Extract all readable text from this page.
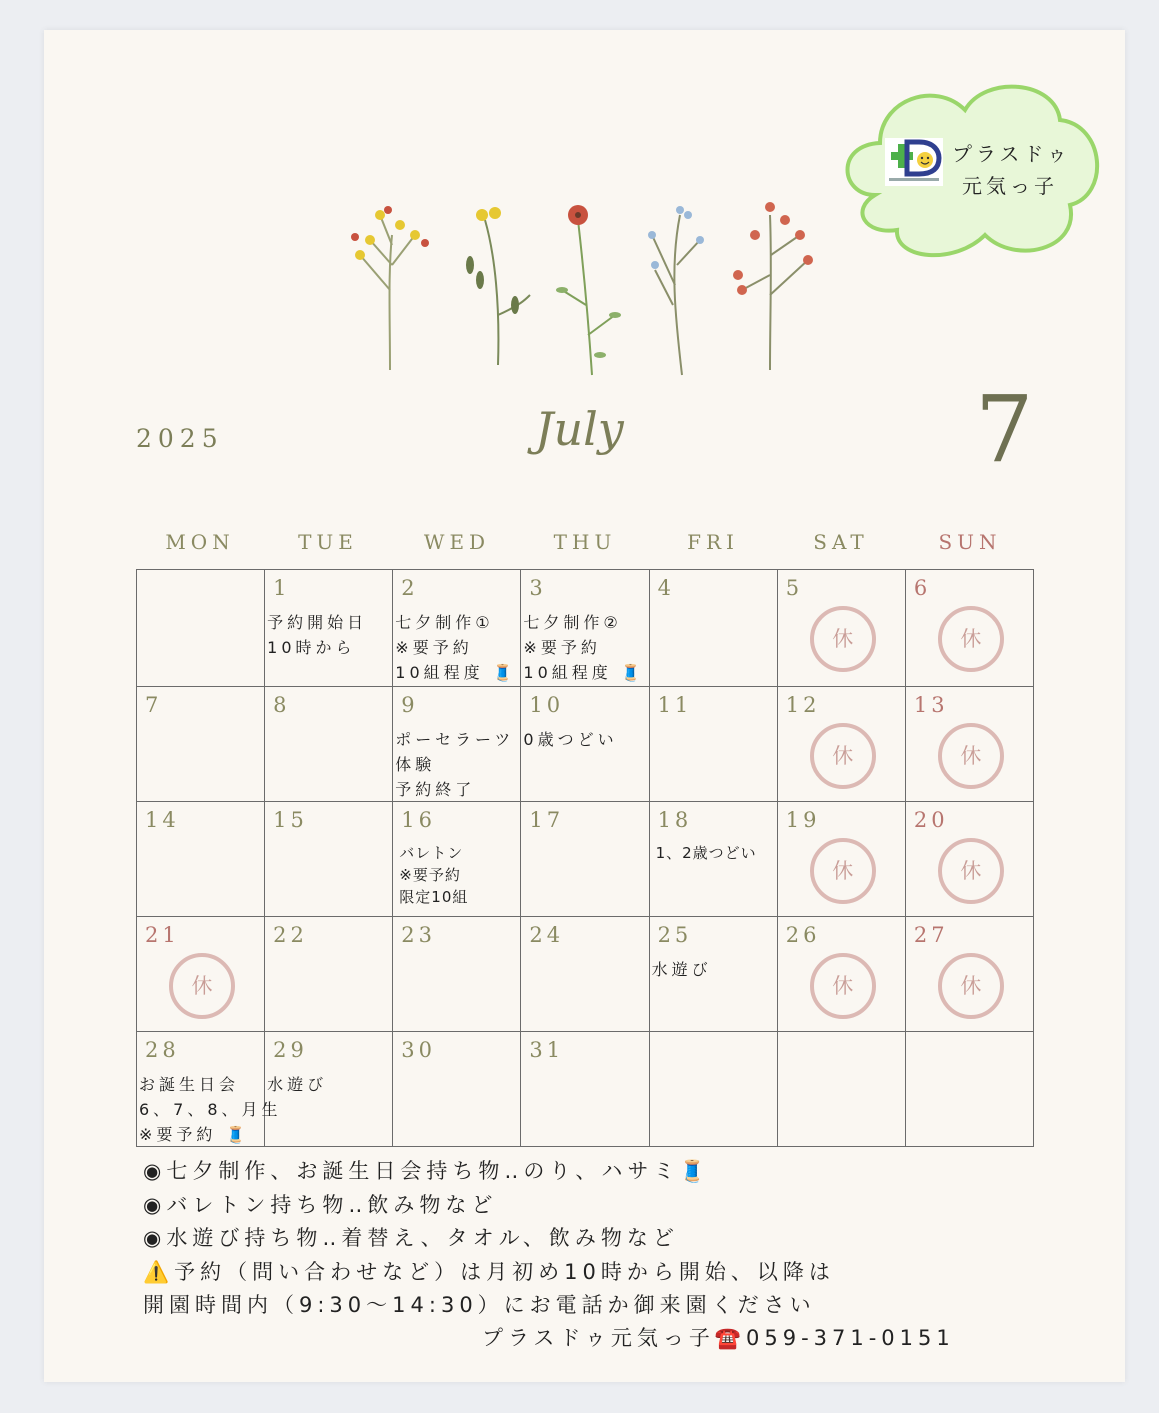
プラスドゥ
元気っ子
2025	July	7
MON	TUE	WED	THU	FRI	SAT	SUN

	1
予約開始日
10時から	2
七夕制作①
※要予約
10組程度 🧵	3
七夕制作②
※要予約
10組程度 🧵	4	5
休	6
休

7	8	9
ポーセラーツ
体験
予約終了	10
0歳つどい	11	12
休	13
休

14	15	16
バレトン
※要予約
限定10組	17	18
1、2歳つどい	19
休	20
休

21
休	22	23	24	25
水遊び	26
休	27
休

28
お誕生日会
6、7、8、月生
※要予約 🧵	29
水遊び	30	31			

◉七夕制作、お誕生日会持ち物‥のり、ハサミ🧵
◉バレトン持ち物‥飲み物など
◉水遊び持ち物‥着替え、タオル、飲み物など
⚠️予約（問い合わせなど）は月初め10時から開始、以降は
開園時間内（9:30〜14:30）にお電話か御来園ください
プラスドゥ元気っ子☎️059-371-0151
